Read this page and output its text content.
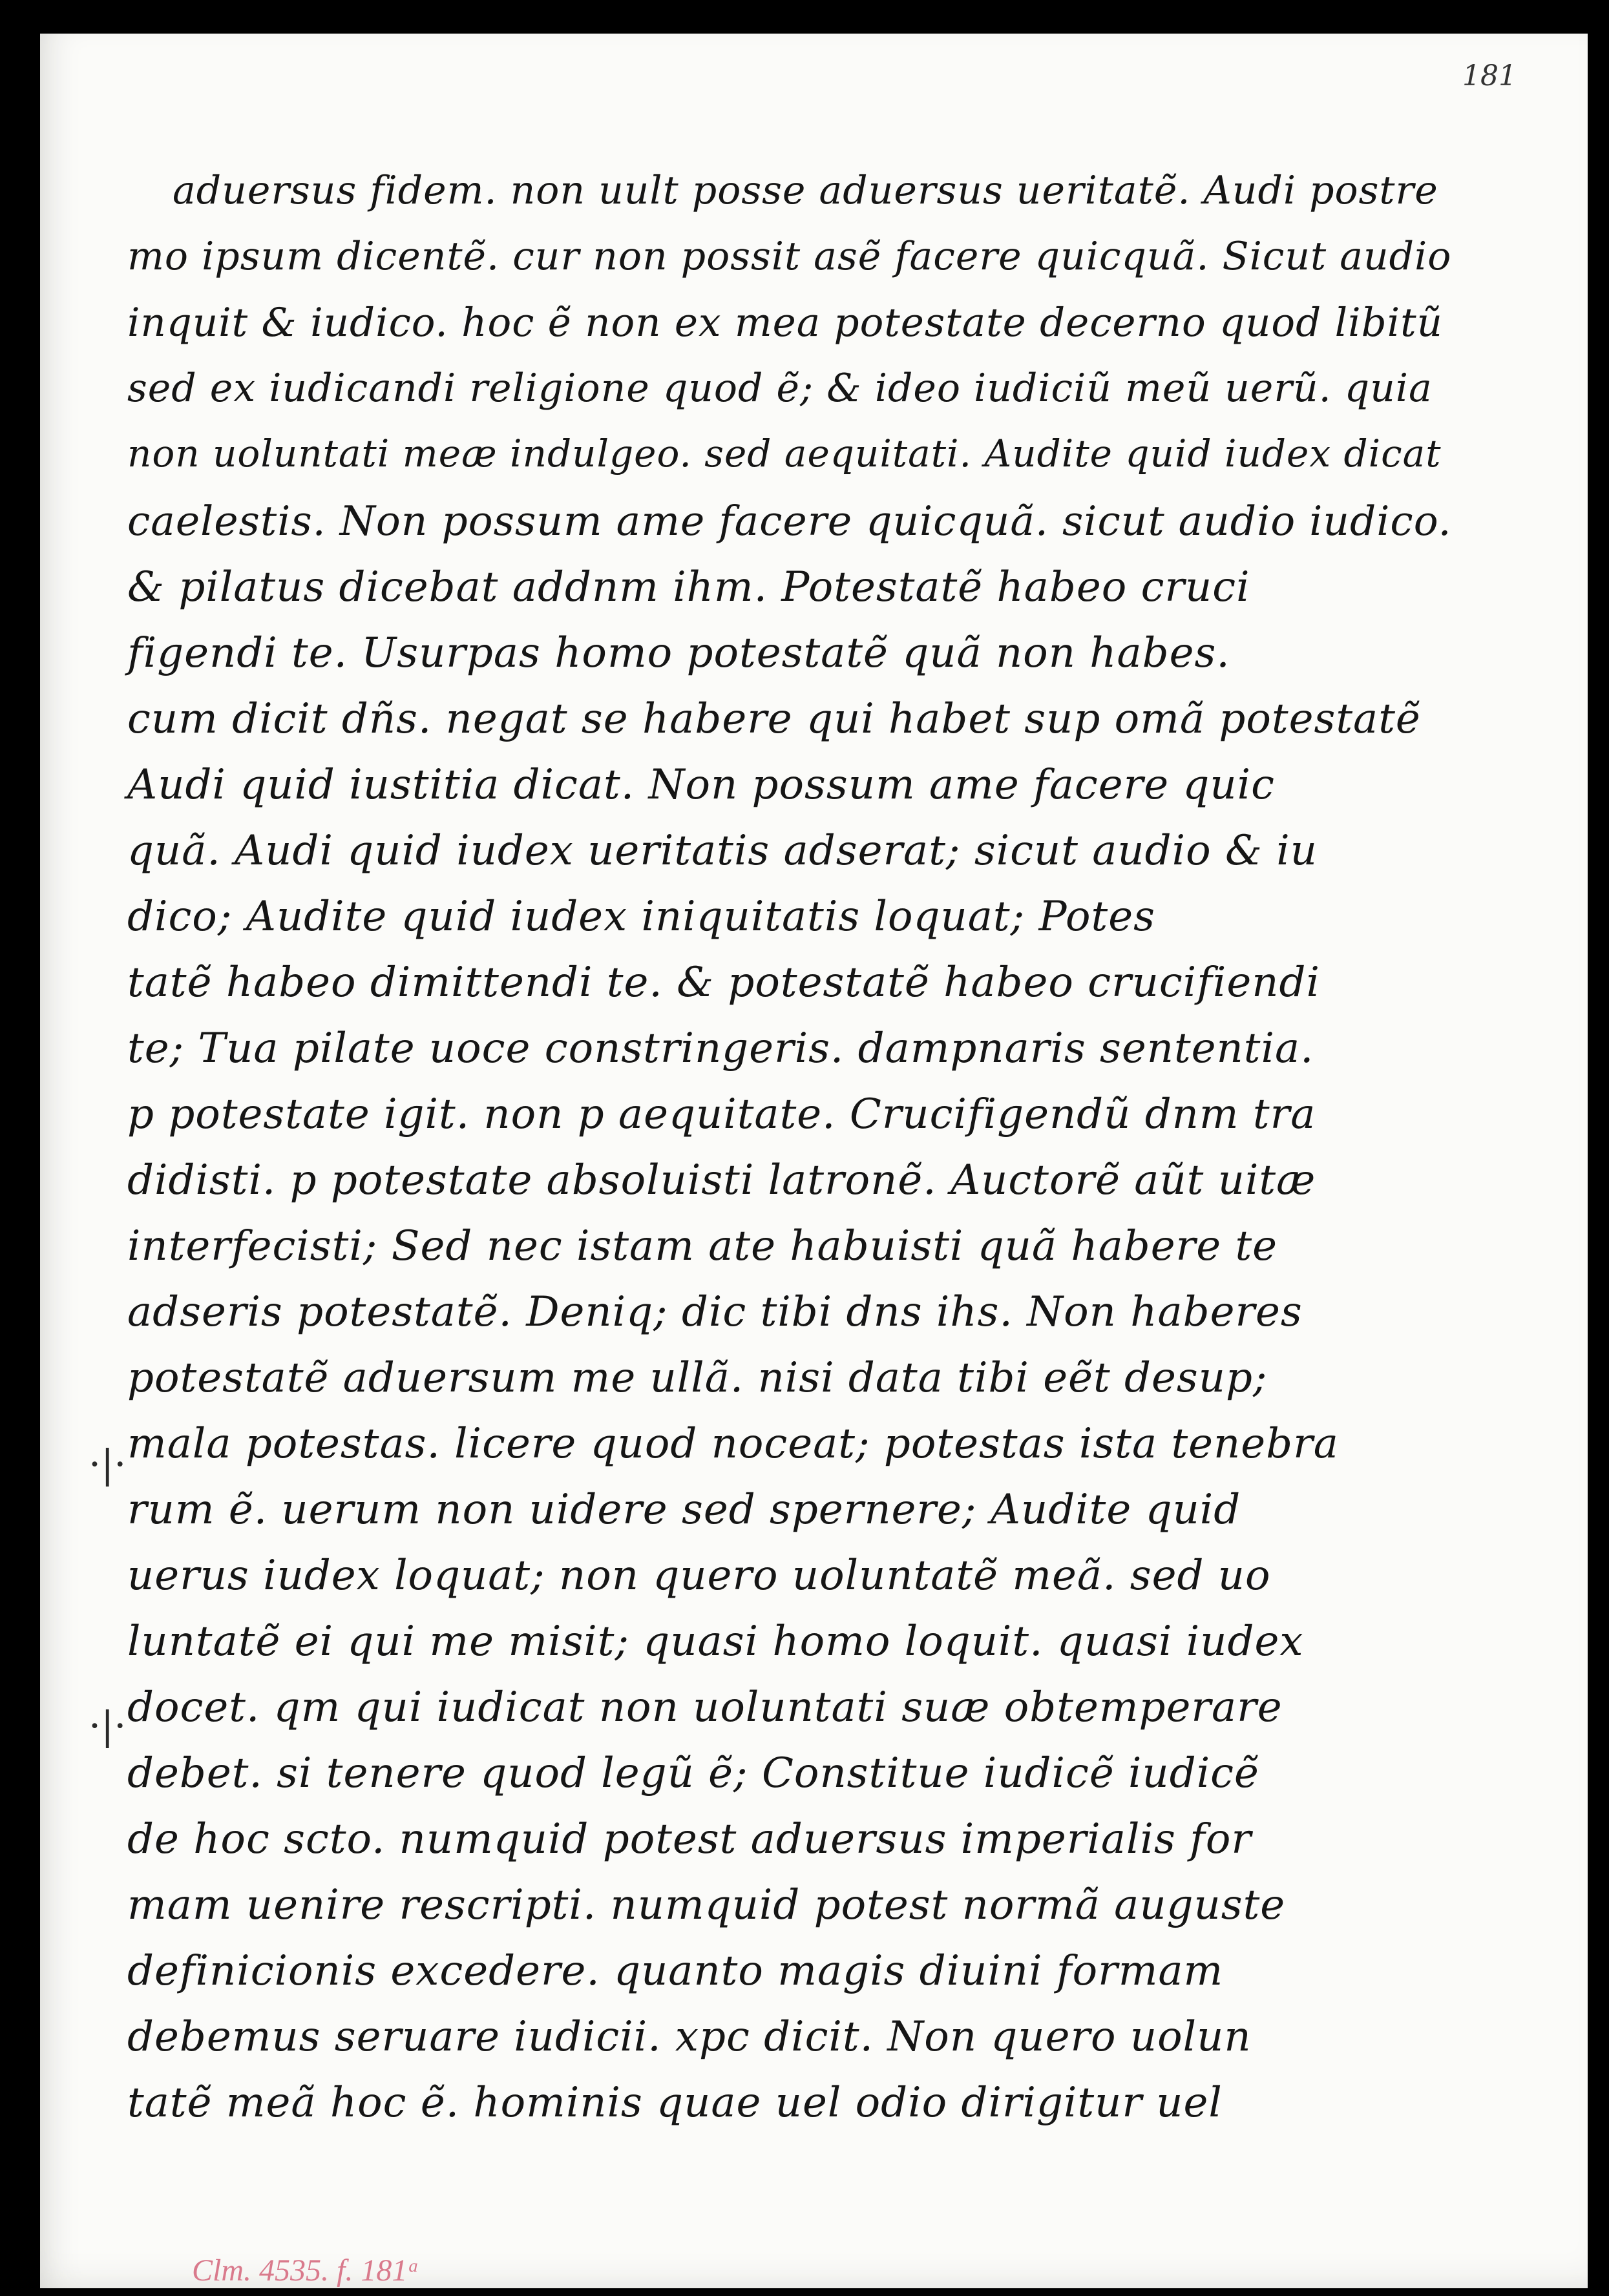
181
aduersus fidem. non uult posse aduersus ueritatẽ. Audi postre
mo ipsum dicentẽ. cur non possit asẽ facere quicquã. Sicut audio
inquit & iudico. hoc ẽ non ex mea potestate decerno quod libitũ
sed ex iudicandi religione quod ẽ; & ideo iudiciũ meũ uerũ. quia
non uoluntati meæ indulgeo. sed aequitati. Audite quid iudex dicat
caelestis. Non possum ame facere quicquã. sicut audio iudico.
& pilatus dicebat addnm ihm. Potestatẽ habeo cruci
figendi te. Usurpas homo potestatẽ quã non habes.
cum dicit dñs. negat se habere qui habet sup omã potestatẽ
Audi quid iustitia dicat. Non possum ame facere quic
quã. Audi quid iudex ueritatis adserat; sicut audio & iu
dico; Audite quid iudex iniquitatis loquat; Potes
tatẽ habeo dimittendi te. & potestatẽ habeo crucifiendi
te; Tua pilate uoce constringeris. dampnaris sententia.
p potestate igit. non p aequitate. Crucifigendũ dnm tra
didisti. p potestate absoluisti latronẽ. Auctorẽ aũt uitæ
interfecisti; Sed nec istam ate habuisti quã habere te
adseris potestatẽ. Deniq; dic tibi dns ihs. Non haberes
potestatẽ aduersum me ullã. nisi data tibi eẽt desup;
mala potestas. licere quod noceat; potestas ista tenebra
rum ẽ. uerum non uidere sed spernere; Audite quid
uerus iudex loquat; non quero uoluntatẽ meã. sed uo
luntatẽ ei qui me misit; quasi homo loquit. quasi iudex
docet. qm qui iudicat non uoluntati suæ obtemperare
debet. si tenere quod legũ ẽ; Constitue iudicẽ iudicẽ
de hoc scto. numquid potest aduersus imperialis for
mam uenire rescripti. numquid potest normã auguste
definicionis excedere. quanto magis diuini formam
debemus seruare iudicii. xpc dicit. Non quero uolun
tatẽ meã hoc ẽ. hominis quae uel odio dirigitur uel
·|·
·|·
Clm. 4535. f. 181ᵃ
